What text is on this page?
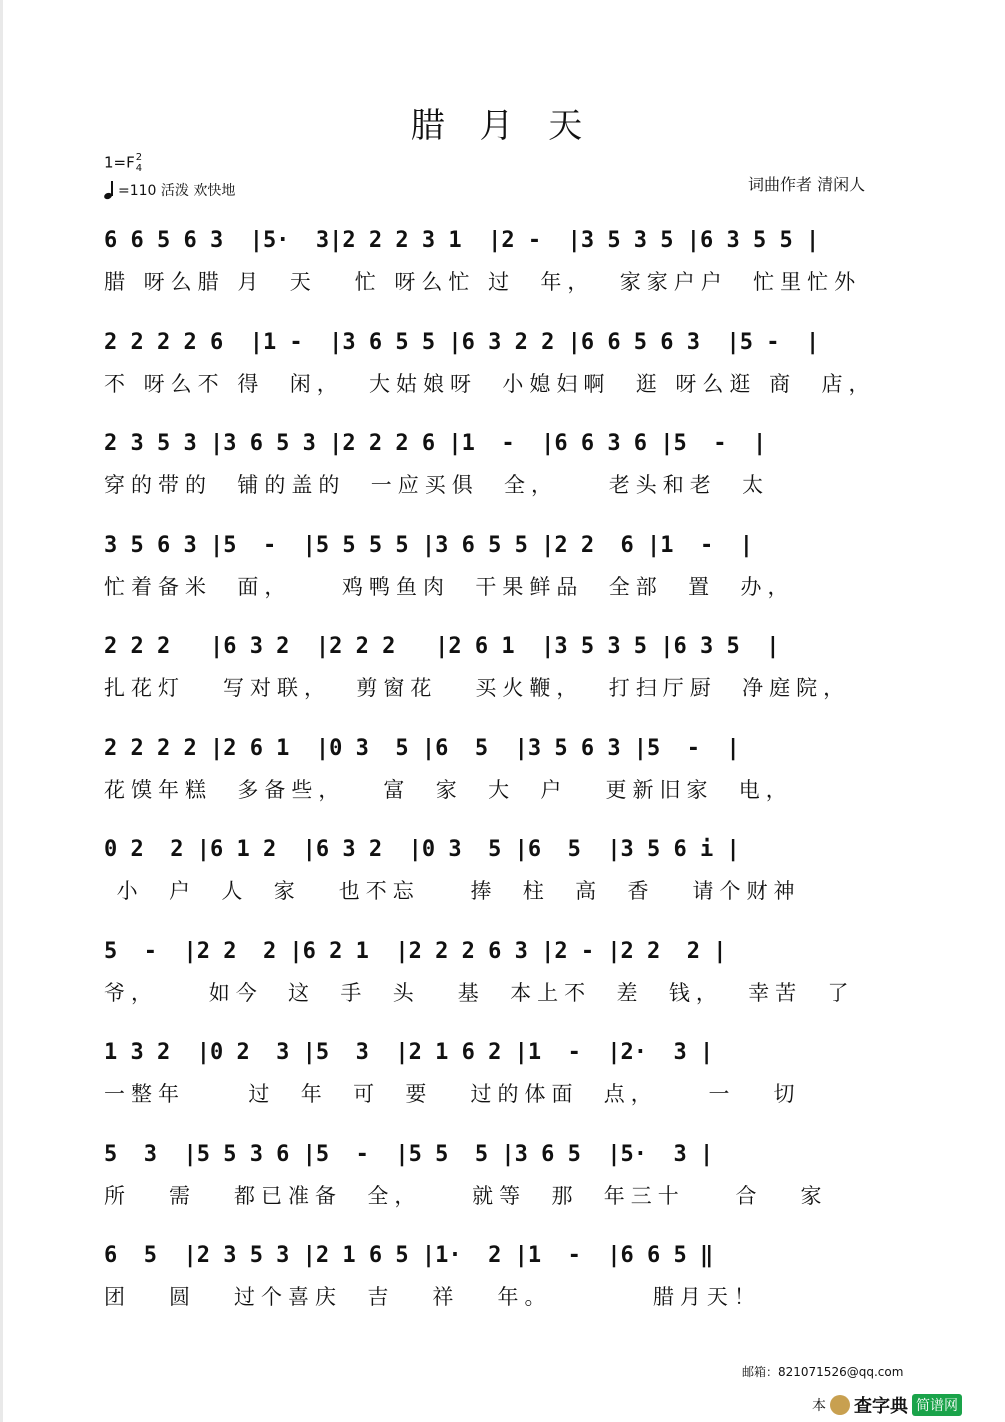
腊 月 天
1=F2
4
=110 活泼 欢快地	词曲作者 清闲人
6 6 5 6 3  |5·  3|2 2 2 3 1  |2 -  |3 5 3 5 |6 3 5 5 |
腊 呀么腊 月  天   忙 呀么忙 过  年，  家家户户  忙里忙外
2 2 2 2 6  |1 -  |3 6 5 5 |6 3 2 2 |6 6 5 6 3  |5 -  |
不 呀么不 得  闲，  大姑娘呀  小媳妇啊  逛 呀么逛 商  店，
2 3 5 3 |3 6 5 3 |2 2 2 6 |1  -  |6 6 3 6 |5  -  |
穿的带的  铺的盖的  一应买俱  全，    老头和老  太
3 5 6 3 |5  -  |5 5 5 5 |3 6 5 5 |2 2  6 |1  -  |
忙着备米  面，    鸡鸭鱼肉  干果鲜品  全部  置  办，
2 2 2   |6 3 2  |2 2 2   |2 6 1  |3 5 3 5 |6 3 5  |
扎花灯   写对联，  剪窗花   买火鞭，  打扫厅厨  净庭院，
2 2 2 2 |2 6 1  |0 3  5 |6  5  |3 5 6 3 |5  -  |
花馍年糕  多备些，   富  家  大  户   更新旧家  电，
0 2  2 |6 1 2  |6 3 2  |0 3  5 |6  5  |3 5 6 i |
小  户  人  家   也不忘    捧  柱  高  香   请个财神
5  -  |2 2  2 |6 2 1  |2 2 2 6 3 |2 - |2 2  2 |
爷，    如今  这  手  头   基  本上不  差  钱，  幸苦  了
1 3 2  |0 2  3 |5  3  |2 1 6 2 |1  -  |2·  3 |
一整年     过  年  可  要   过的体面  点，    一   切
5  3  |5 5 3 6 |5  -  |5 5  5 |3 6 5  |5·  3 |
所   需   都已准备  全，    就等  那  年三十    合   家
6  5  |2 3 5 3 |2 1 6 5 |1·  2 |1  -  |6 6 5 ‖
团   圆   过个喜庆  吉   祥   年。        腊月天！
邮箱：821071526@qq.com
本 查字典 简谱网
